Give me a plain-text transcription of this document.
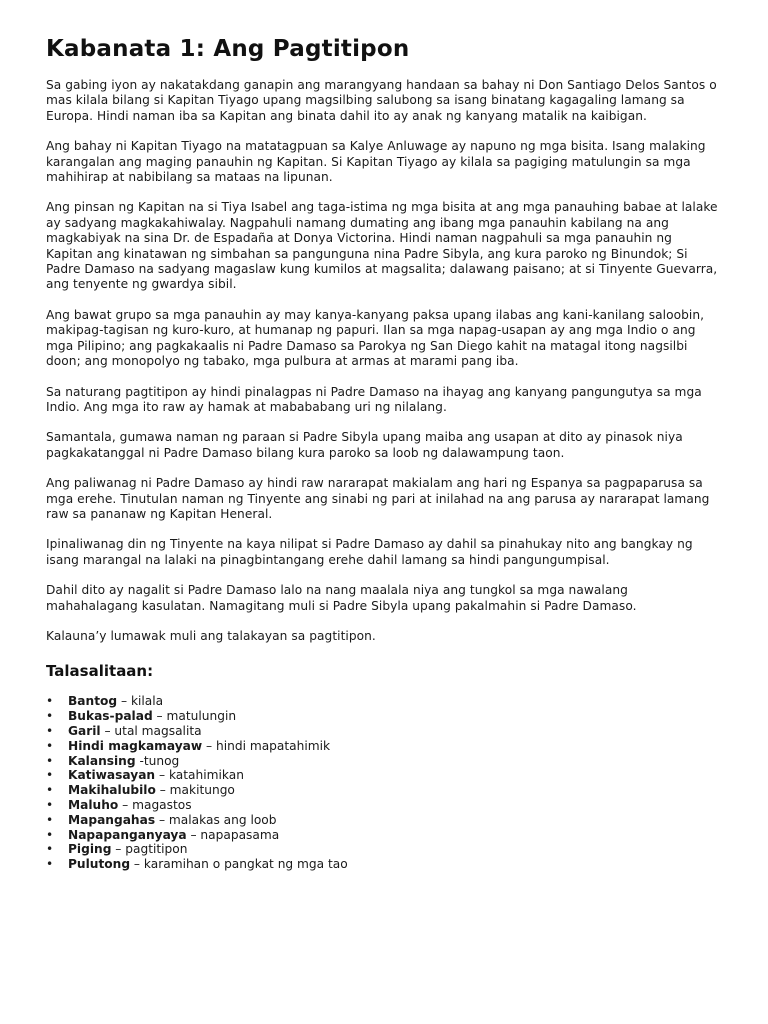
Kabanata 1: Ang Pagtitipon

Sa gabing iyon ay nakatakdang ganapin ang marangyang handaan sa bahay ni Don Santiago Delos Santos o mas kilala bilang si Kapitan Tiyago upang magsilbing salubong sa isang binatang kagagaling lamang sa Europa. Hindi naman iba sa Kapitan ang binata dahil ito ay anak ng kanyang matalik na kaibigan.

Ang bahay ni Kapitan Tiyago na matatagpuan sa Kalye Anluwage ay napuno ng mga bisita. Isang malaking karangalan ang maging panauhin ng Kapitan. Si Kapitan Tiyago ay kilala sa pagiging matulungin sa mga mahihirap at nabibilang sa mataas na lipunan.

Ang pinsan ng Kapitan na si Tiya Isabel ang taga-istima ng mga bisita at ang mga panauhing babae at lalake ay sadyang magkakahiwalay. Nagpahuli namang dumating ang ibang mga panauhin kabilang na ang magkabiyak na sina Dr. de Espadaña at Donya Victorina. Hindi naman nagpahuli sa mga panauhin ng Kapitan ang kinatawan ng simbahan sa pangunguna nina Padre Sibyla, ang kura paroko ng Binundok; Si Padre Damaso na sadyang magaslaw kung kumilos at magsalita; dalawang paisano; at si Tinyente Guevarra, ang tenyente ng gwardya sibil.

Ang bawat grupo sa mga panauhin ay may kanya-kanyang paksa upang ilabas ang kani-kanilang saloobin, makipag-tagisan ng kuro-kuro, at humanap ng papuri. Ilan sa mga napag-usapan ay ang mga Indio o ang mga Pilipino; ang pagkakaalis ni Padre Damaso sa Parokya ng San Diego kahit na matagal itong nagsilbi doon; ang monopolyo ng tabako, mga pulbura at armas at marami pang iba.

Sa naturang pagtitipon ay hindi pinalagpas ni Padre Damaso na ihayag ang kanyang pangungutya sa mga Indio. Ang mga ito raw ay hamak at mabababang uri ng nilalang.

Samantala, gumawa naman ng paraan si Padre Sibyla upang maiba ang usapan at dito ay pinasok niya pagkakatanggal ni Padre Damaso bilang kura paroko sa loob ng dalawampung taon.

Ang paliwanag ni Padre Damaso ay hindi raw nararapat makialam ang hari ng Espanya sa pagpaparusa sa mga erehe. Tinutulan naman ng Tinyente ang sinabi ng pari at inilahad na ang parusa ay nararapat lamang raw sa pananaw ng Kapitan Heneral.

Ipinaliwanag din ng Tinyente na kaya nilipat si Padre Damaso ay dahil sa pinahukay nito ang bangkay ng isang marangal na lalaki na pinagbintangang erehe dahil lamang sa hindi pangungumpisal.

Dahil dito ay nagalit si Padre Damaso lalo na nang maalala niya ang tungkol sa mga nawalang mahahalagang kasulatan. Namagitang muli si Padre Sibyla upang pakalmahin si Padre Damaso.

Kalauna’y lumawak muli ang talakayan sa pagtitipon.

Talasalitaan:
• Bantog – kilala
• Bukas-palad – matulungin
• Garil – utal magsalita
• Hindi magkamayaw – hindi mapatahimik
• Kalansing -tunog
• Katiwasayan – katahimikan
• Makihalubilo – makitungo
• Maluho – magastos
• Mapangahas – malakas ang loob
• Napapanganyaya – napapasama
• Piging – pagtitipon
• Pulutong – karamihan o pangkat ng mga tao
